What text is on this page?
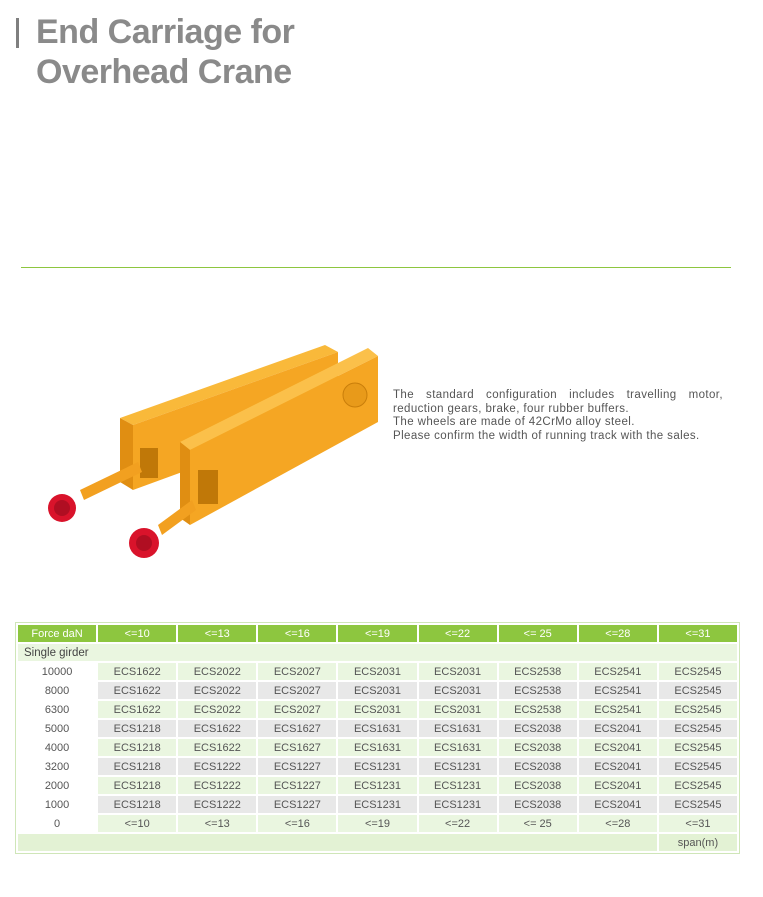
End Carriage for
Overhead Crane

The standard configuration includes travelling motor, reduction gears, brake, four rubber buffers.

The wheels are made of 42CrMo alloy steel.

Please confirm the width of running track with the sales.

Single girder								
Force daN	<=10	<=13	<=16	<=19	<=22	<= 25	<=28	<=31
10000	ECS1622	ECS2022	ECS2027	ECS2031	ECS2031	ECS2538	ECS2541	ECS2545
8000	ECS1622	ECS2022	ECS2027	ECS2031	ECS2031	ECS2538	ECS2541	ECS2545
6300	ECS1622	ECS2022	ECS2027	ECS2031	ECS2031	ECS2538	ECS2541	ECS2545
5000	ECS1218	ECS1622	ECS1627	ECS1631	ECS1631	ECS2038	ECS2041	ECS2545
4000	ECS1218	ECS1622	ECS1627	ECS1631	ECS1631	ECS2038	ECS2041	ECS2545
3200	ECS1218	ECS1222	ECS1227	ECS1231	ECS1231	ECS2038	ECS2041	ECS2545
2000	ECS1218	ECS1222	ECS1227	ECS1231	ECS1231	ECS2038	ECS2041	ECS2545
1000	ECS1218	ECS1222	ECS1227	ECS1231	ECS1231	ECS2038	ECS2041	ECS2545
0	<=10	<=13	<=16	<=19	<=22	<= 25	<=28	<=31
								span(m)
